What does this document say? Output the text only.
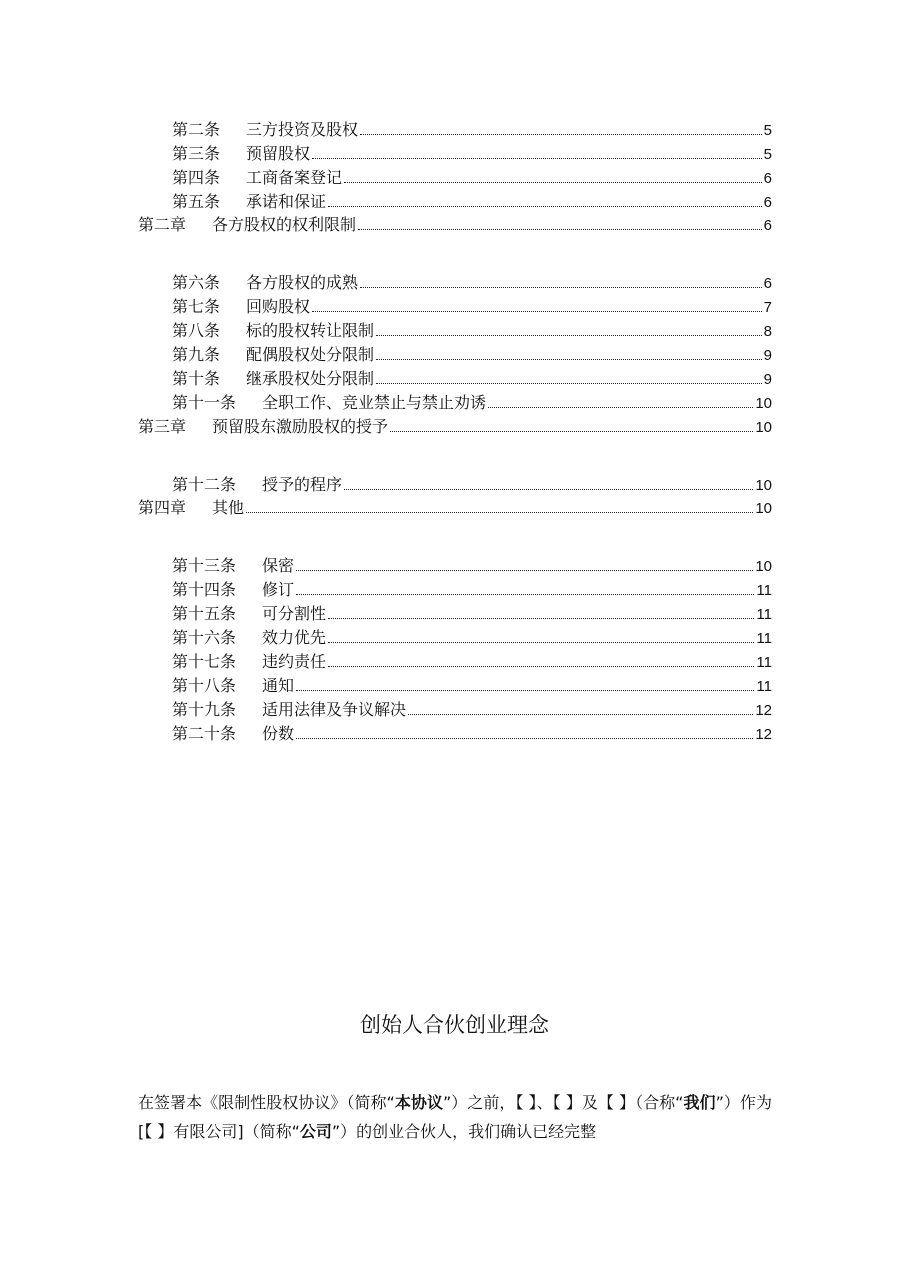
第二条	三方投资及股权	5
第三条	预留股权	5
第四条	工商备案登记	6
第五条	承诺和保证	6
第二章	各方股权的权利限制	6
第六条	各方股权的成熟	6
第七条	回购股权	7
第八条	标的股权转让限制	8
第九条	配偶股权处分限制	9
第十条	继承股权处分限制	9
第十一条	全职工作、竞业禁止与禁止劝诱	10
第三章	预留股东激励股权的授予	10
第十二条	授予的程序	10
第四章	其他	10
第十三条	保密	10
第十四条	修订	11
第十五条	可分割性	11
第十六条	效力优先	11
第十七条	违约责任	11
第十八条	通知	11
第十九条	适用法律及争议解决	12
第二十条	份数	12
创始人合伙创业理念

在签署本《限制性股权协议》（简称“本协议”）之前，【 】、【 】及【 】（合称“我们”）作为[【 】有限公司]（简称“公司”）的创业合伙人，我们确认已经完整
